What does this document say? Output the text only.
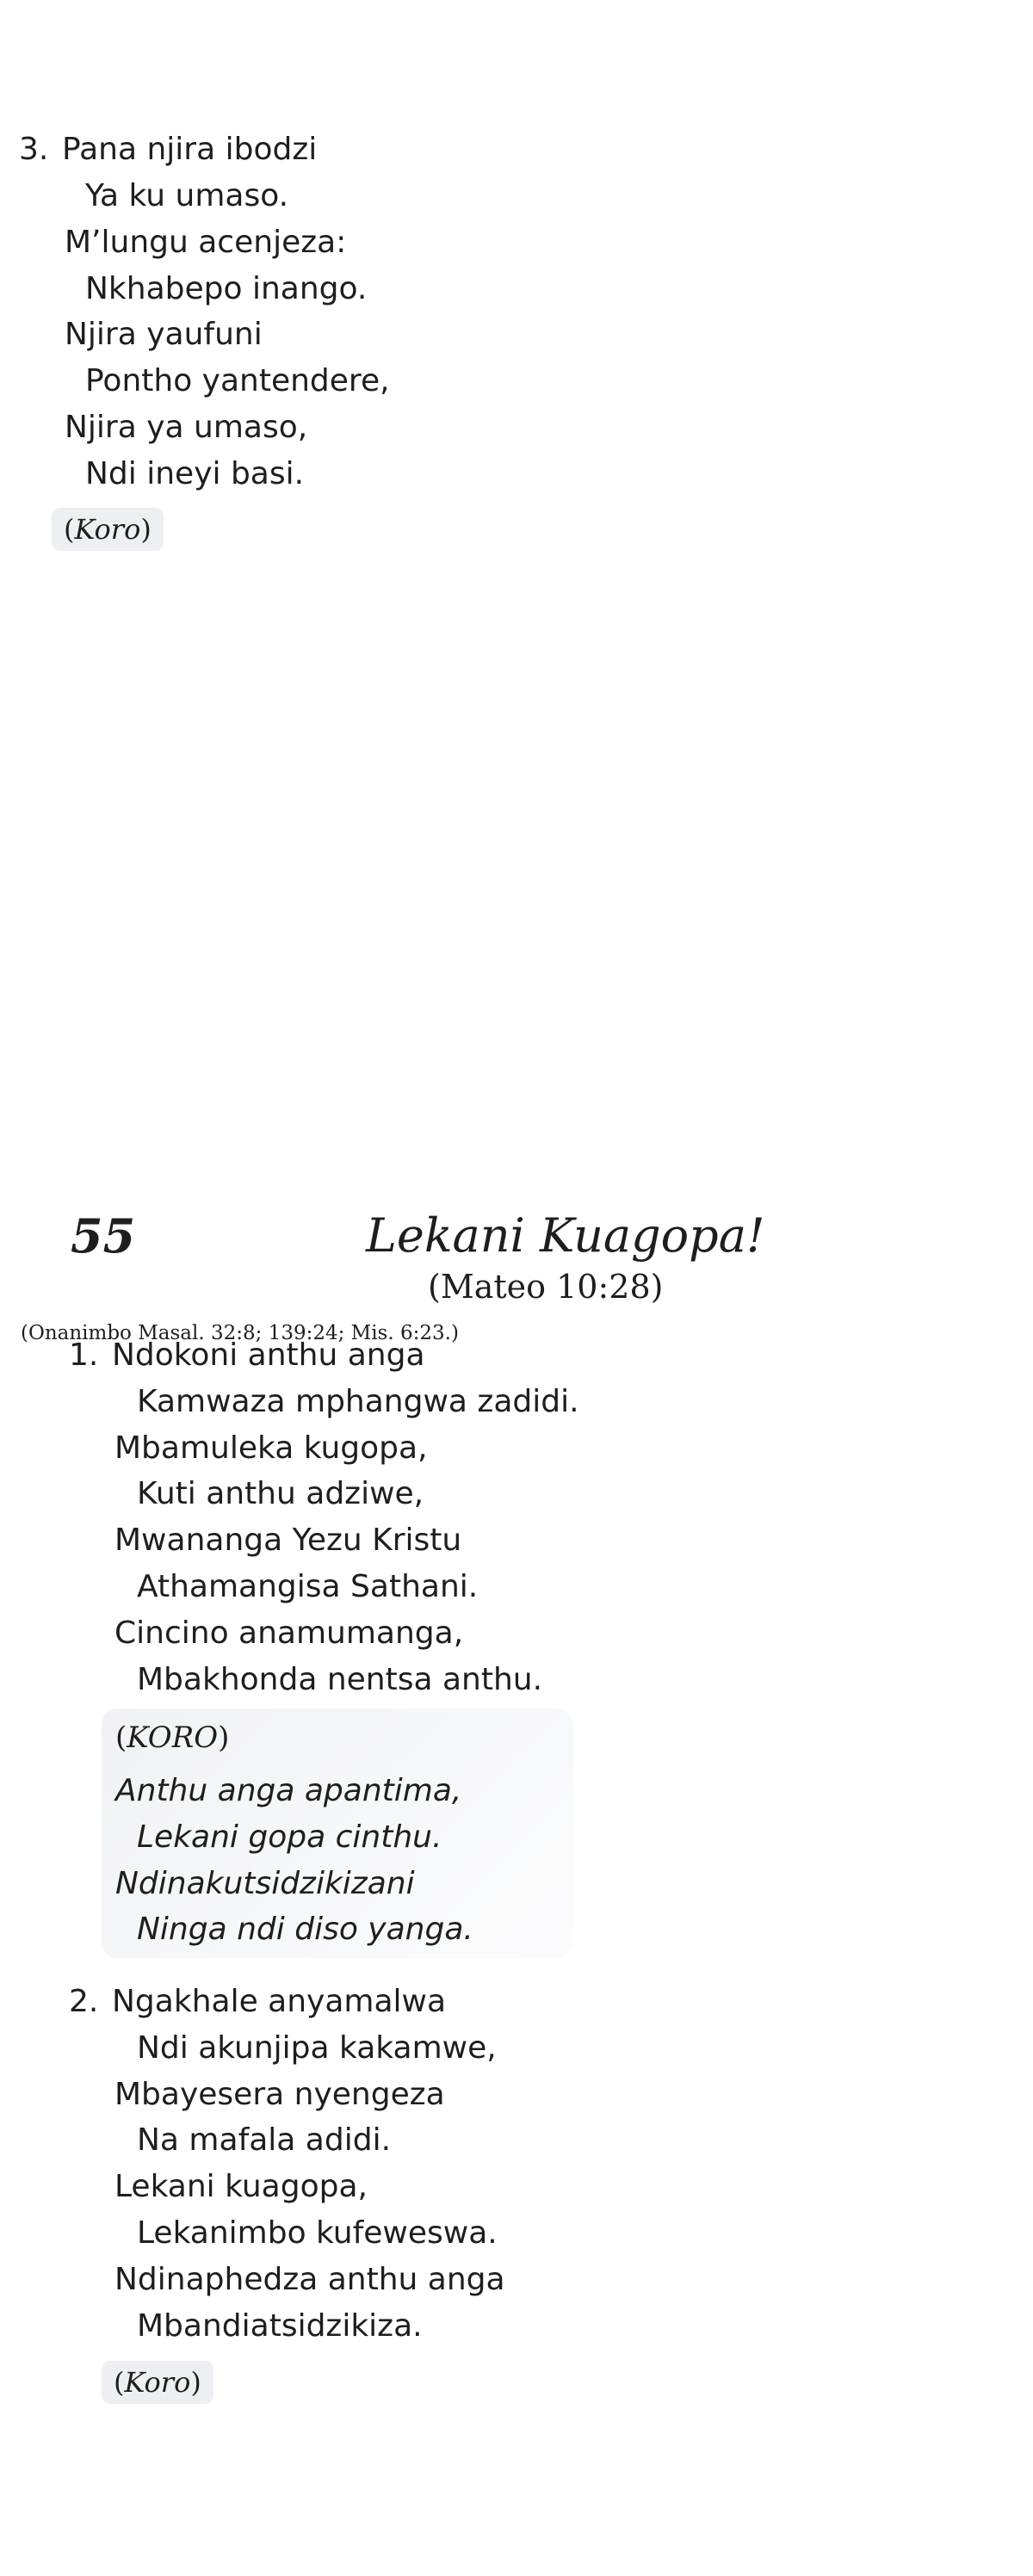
3. Pana njira ibodzi
Ya ku umaso.
M’lungu acenjeza:
Nkhabepo inango.
Njira yaufuni
Pontho yantendere,
Njira ya umaso,
Ndi ineyi basi.
(Koro)
55	Lekani Kuagopa!
(Mateo 10:28)
(Onanimbo Masal. 32:8; 139:24; Mis. 6:23.)
1. Ndokoni anthu anga
Kamwaza mphangwa zadidi.
Mbamuleka kugopa,
Kuti anthu adziwe,
Mwananga Yezu Kristu
Athamangisa Sathani.
Cincino anamumanga,
Mbakhonda nentsa anthu.
(KORO)
Anthu anga apantima,
Lekani gopa cinthu.
Ndinakutsidzikizani
Ninga ndi diso yanga.
2. Ngakhale anyamalwa
Ndi akunjipa kakamwe,
Mbayesera nyengeza
Na mafala adidi.
Lekani kuagopa,
Lekanimbo kufeweswa.
Ndinaphedza anthu anga
Mbandiatsidzikiza.
(Koro)
